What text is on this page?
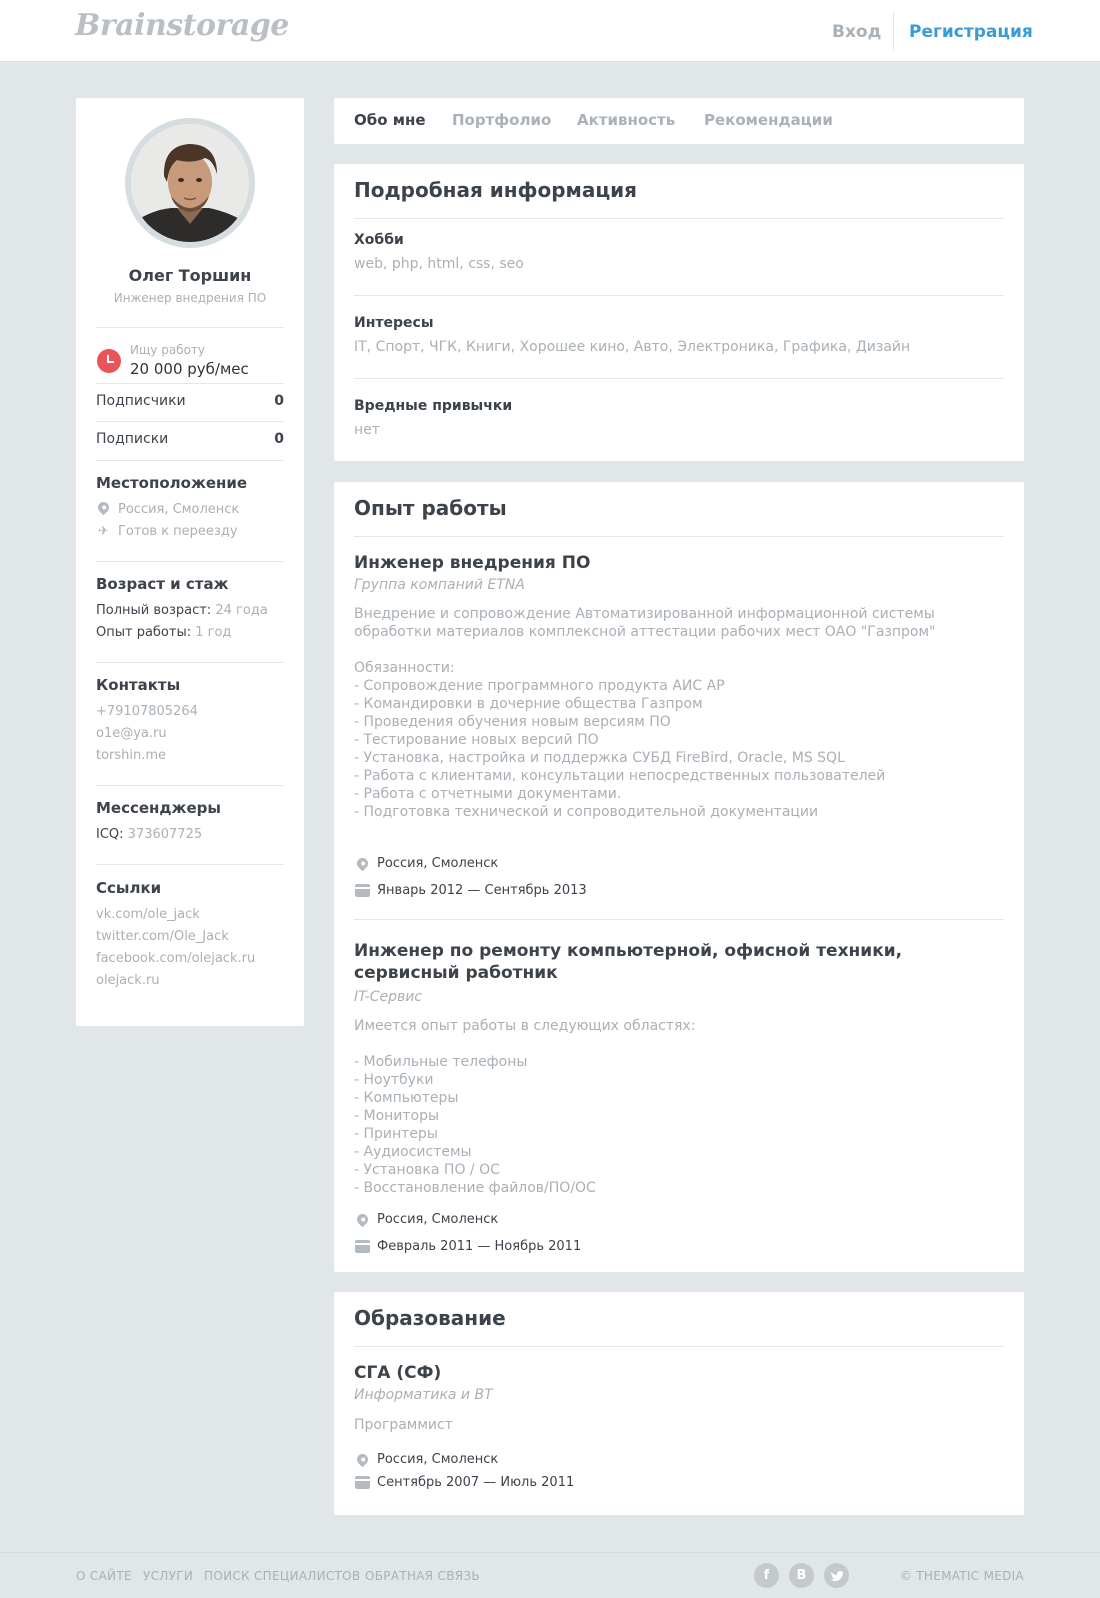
Brainstorage	Вход Регистрация
Олег Торшин
Инженер внедрения ПО
Ищу работу
20 000 руб/мес
Подписчики	0
Подписки	0
Местоположение
Россия, Смоленск
✈ Готов к переезду
Возраст и стаж
Полный возраст: 24 года
Опыт работы: 1 год
Контакты
+79107805264
o1e@ya.ru
torshin.me
Мессенджеры
ICQ: 373607725
Ссылки
vk.com/ole_jack
twitter.com/Ole_Jack
facebook.com/olejack.ru
olejack.ru
Обо мне Портфолио Активность Рекомендации
Подробная информация
Хобби
web, php, html, css, seo
Интересы
IT, Спорт, ЧГК, Книги, Хорошее кино, Авто, Электроника, Графика, Дизайн
Вредные привычки
нет
Опыт работы
Инженер внедрения ПО
Группа компаний ETNA
Внедрение и сопровождение Автоматизированной информационной системы обработки материалов комплексной аттестации рабочих мест ОАО "Газпром"

Обязанности:
- Сопровождение программного продукта АИС АР
- Командировки в дочерние общества Газпром
- Проведения обучения новым версиям ПО
- Тестирование новых версий ПО
- Установка, настройка и поддержка СУБД FireBird, Oracle, MS SQL
- Работа с клиентами, консультации непосредственных пользователей
- Работа с отчетными документами.
- Подготовка технической и сопроводительной документации
Россия, Смоленск
Январь 2012 — Сентябрь 2013
Инженер по ремонту компьютерной, офисной техники, сервисный работник
IT-Сервис
Имеется опыт работы в следующих областях:

- Мобильные телефоны
- Ноутбуки
- Компьютеры
- Мониторы
- Принтеры
- Аудиосистемы
- Установка ПО / ОС
- Восстановление файлов/ПО/ОС
Россия, Смоленск
Февраль 2011 — Ноябрь 2011
Образование
СГА (СФ)
Информатика и ВТ
Программист
Россия, Смоленск
Сентябрь 2007 — Июль 2011
О САЙТЕ УСЛУГИ ПОИСК СПЕЦИАЛИСТОВ ОБРАТНАЯ СВЯЗЬ	f	B	© THEMATIC MEDIA
